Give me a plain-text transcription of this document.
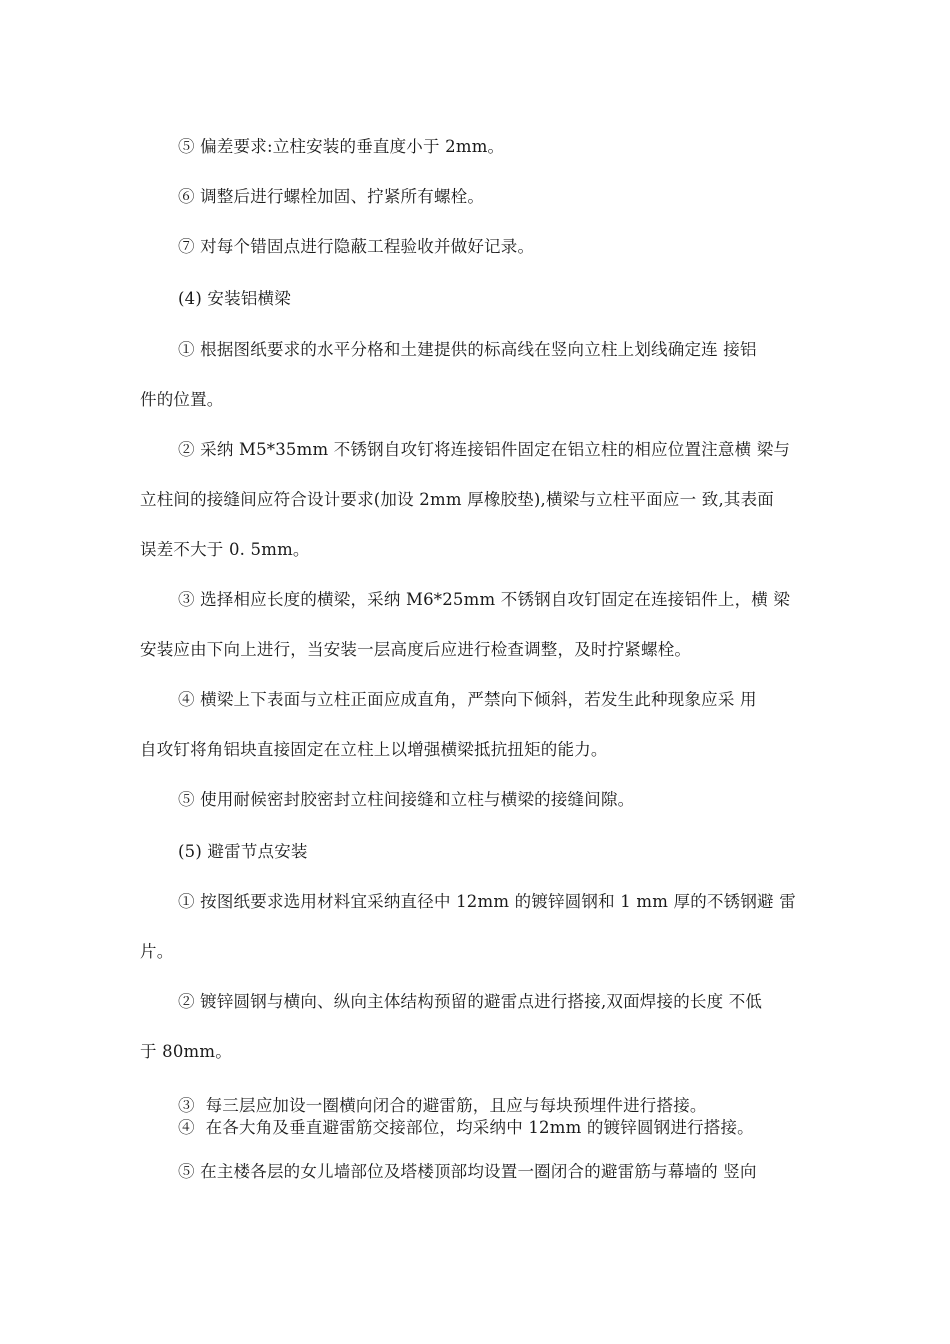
⑤ 偏差要求:立柱安装的垂直度小于 2mm。
⑥ 调整后进行螺栓加固、拧紧所有螺栓。
⑦ 对每个错固点进行隐蔽工程验收并做好记录。
(4) 安装铝横梁
① 根据图纸要求的水平分格和土建提供的标高线在竖向立柱上划线确定连 接铝
件的位置。
② 采纳 M5*35mm 不锈钢自攻钉将连接铝件固定在铝立柱的相应位置注意横 梁与
立柱间的接缝间应符合设计要求(加设 2mm 厚橡胶垫),横梁与立柱平面应一 致,其表面
误差不大于 0. 5mm。
③ 选择相应长度的横梁，采纳 M6*25mm 不锈钢自攻钉固定在连接铝件上，横 梁
安装应由下向上进行，当安装一层高度后应进行检查调整，及时拧紧螺栓。
④ 横梁上下表面与立柱正面应成直角，严禁向下倾斜，若发生此种现象应采 用
自攻钉将角铝块直接固定在立柱上以增强横梁抵抗扭矩的能力。
⑤ 使用耐候密封胶密封立柱间接缝和立柱与横梁的接缝间隙。
(5) 避雷节点安装
① 按图纸要求选用材料宜采纳直径中 12mm 的镀锌圆钢和 1 mm 厚的不锈钢避 雷
片。
② 镀锌圆钢与横向、纵向主体结构预留的避雷点进行搭接,双面焊接的长度 不低
于 80mm。
③  每三层应加设一圈横向闭合的避雷筋，且应与每块预埋件进行搭接。
④  在各大角及垂直避雷筋交接部位，均采纳中 12mm 的镀锌圆钢进行搭接。
⑤ 在主楼各层的女儿墙部位及塔楼顶部均设置一圈闭合的避雷筋与幕墙的 竖向
